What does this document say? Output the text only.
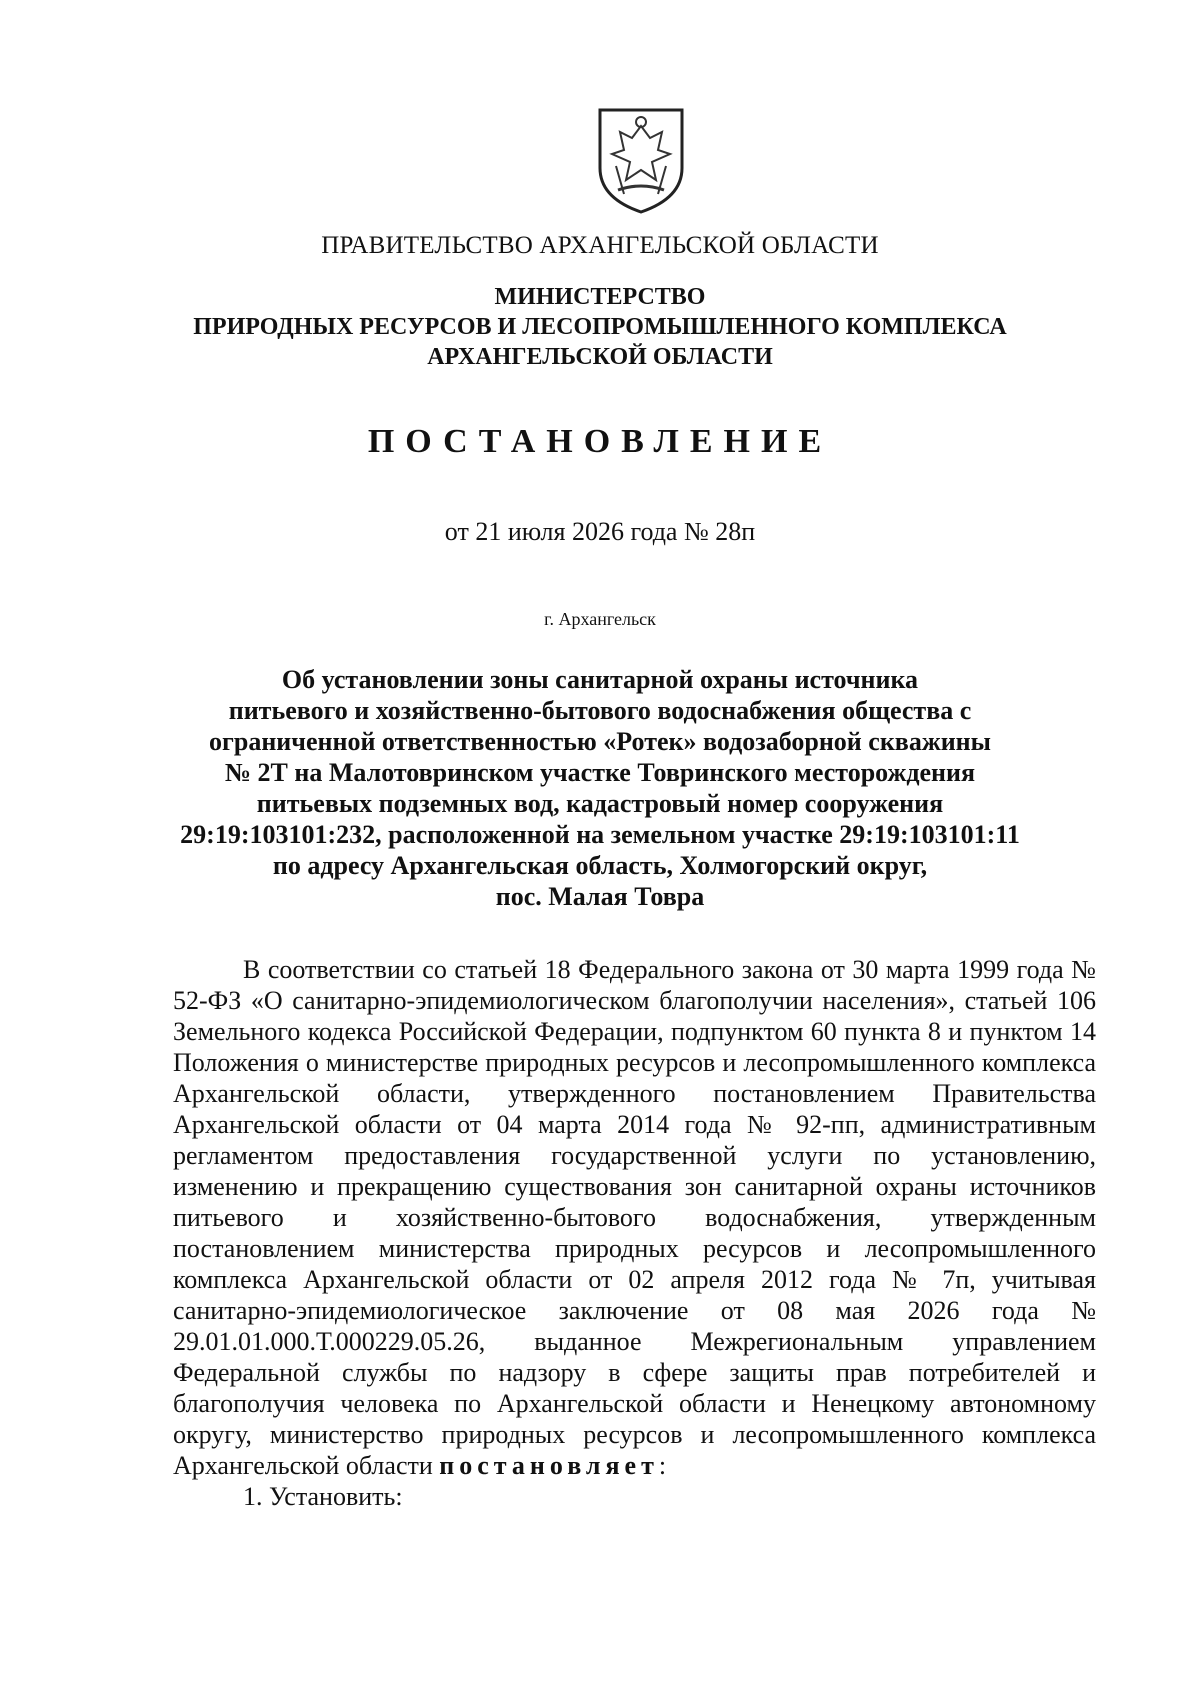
ПРАВИТЕЛЬСТВО АРХАНГЕЛЬСКОЙ ОБЛАСТИ
МИНИСТЕРСТВО
ПРИРОДНЫХ РЕСУРСОВ И ЛЕСОПРОМЫШЛЕННОГО КОМПЛЕКСА
АРХАНГЕЛЬСКОЙ ОБЛАСТИ
ПОСТАНОВЛЕНИЕ
от 21 июля 2026 года № 28п
г. Архангельск
Об установлении зоны санитарной охраны источника
питьевого и хозяйственно-бытового водоснабжения общества с
ограниченной ответственностью «Ротек» водозаборной скважины
№ 2Т на Малотовринском участке Товринского месторождения
питьевых подземных вод, кадастровый номер сооружения
29:19:103101:232, расположенной на земельном участке 29:19:103101:11
по адресу Архангельская область, Холмогорский округ,
пос. Малая Товра

В соответствии со статьей 18 Федерального закона от 30 марта 1999 года № 52-ФЗ «О санитарно-эпидемиологическом благополучии населения», статьей 106 Земельного кодекса Российской Федерации, подпунктом 60 пункта 8 и пунктом 14 Положения о министерстве природных ресурсов и лесопромышленного комплекса Архангельской области, утвержденного постановлением Правительства Архангельской области от 04 марта 2014 года № 92-пп, административным регламентом предоставления государственной услуги по установлению, изменению и прекращению существования зон санитарной охраны источников питьевого и хозяйственно-бытового водоснабжения, утвержденным постановлением министерства природных ресурсов и лесопромышленного комплекса Архангельской области от 02 апреля 2012 года № 7п, учитывая санитарно-эпидемиологическое заключение от 08 мая 2026 года № 29.01.01.000.Т.000229.05.26, выданное Межрегиональным управлением Федеральной службы по надзору в сфере защиты прав потребителей и благополучия человека по Архангельской области и Ненецкому автономному округу, министерство природных ресурсов и лесопромышленного комплекса Архангельской области постановляет:

1. Установить:
